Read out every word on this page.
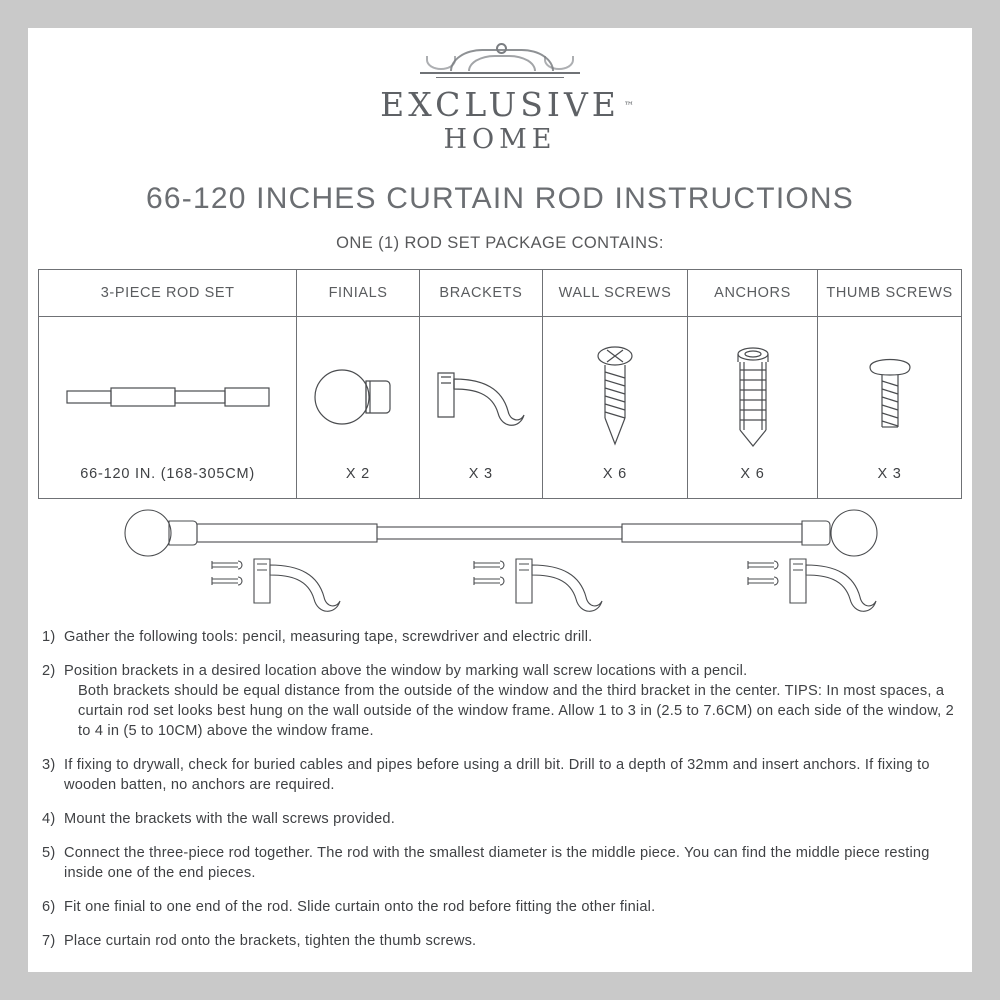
EXCLUSIVE ™
HOME
66-120 INCHES CURTAIN ROD INSTRUCTIONS
ONE (1) ROD SET PACKAGE CONTAINS:
3-PIECE ROD SET	FINIALS	BRACKETS	WALL SCREWS	ANCHORS	THUMB SCREWS
66-120 IN. (168-305CM)	X 2	X 3	X 6	X 6	X 3
1) Gather the following tools: pencil, measuring tape, screwdriver and electric drill.

2) Position brackets in a desired location above the window by marking wall screw locations with a pencil.

Both brackets should be equal distance from the outside of the window and the third bracket in the center. TIPS: In most spaces, a curtain rod set looks best hung on the wall outside of the window frame. Allow 1 to 3 in (2.5 to 7.6CM) on each side of the window, 2 to 4 in (5 to 10CM) above the window frame.

3) If fixing to drywall, check for buried cables and pipes before using a drill bit. Drill to a depth of 32mm and insert anchors. If fixing to wooden batten, no anchors are required.

4) Mount the brackets with the wall screws provided.

5) Connect the three-piece rod together. The rod with the smallest diameter is the middle piece. You can find the middle piece resting inside one of the end pieces.

6) Fit one finial to one end of the rod. Slide curtain onto the rod before fitting the other finial.

7) Place curtain rod onto the brackets, tighten the thumb screws.
